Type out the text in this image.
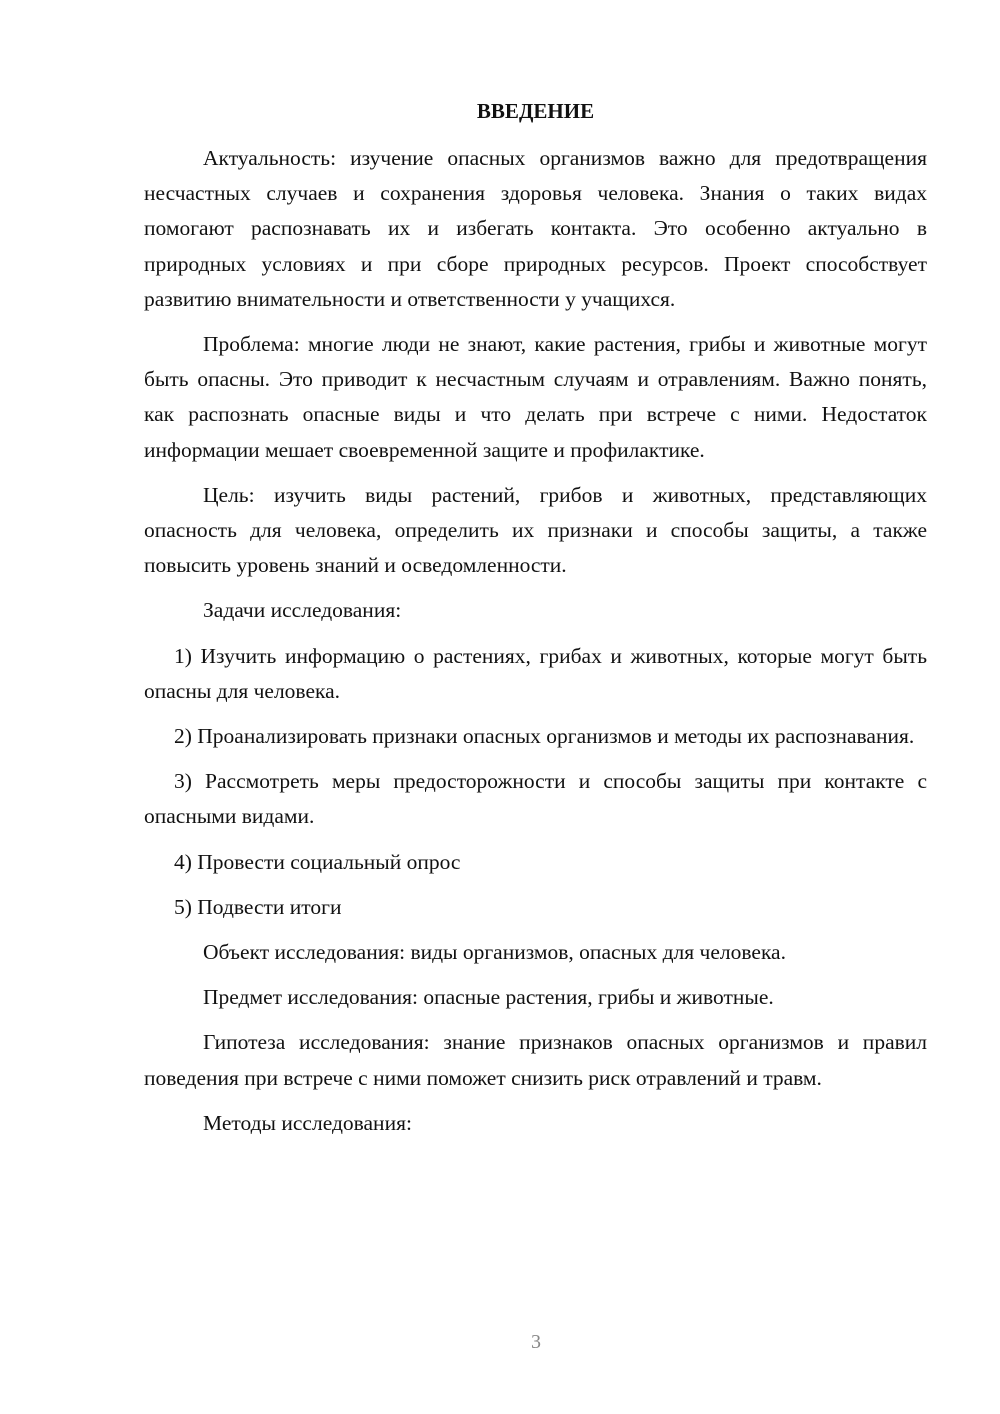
ВВЕДЕНИЕ

Актуальность: изучение опасных организмов важно для предотвращения несчастных случаев и сохранения здоровья человека. Знания о таких видах помогают распознавать их и избегать контакта. Это особенно актуально в природных условиях и при сборе природных ресурсов. Проект способствует развитию внимательности и ответственности у учащихся.

Проблема: многие люди не знают, какие растения, грибы и животные могут быть опасны. Это приводит к несчастным случаям и отравлениям. Важно понять, как распознать опасные виды и что делать при встрече с ними. Недостаток информации мешает своевременной защите и профилактике.

Цель: изучить виды растений, грибов и животных, представляющих опасность для человека, определить их признаки и способы защиты, а также повысить уровень знаний и осведомленности.

Задачи исследования:

1) Изучить информацию о растениях, грибах и животных, которые могут быть опасны для человека.

2) Проанализировать признаки опасных организмов и методы их распознавания.

3) Рассмотреть меры предосторожности и способы защиты при контакте с опасными видами.

4) Провести социальный опрос

5) Подвести итоги

Объект исследования: виды организмов, опасных для человека.

Предмет исследования: опасные растения, грибы и животные.

Гипотеза исследования: знание признаков опасных организмов и правил поведения при встрече с ними поможет снизить риск отравлений и травм.

Методы исследования:

3
